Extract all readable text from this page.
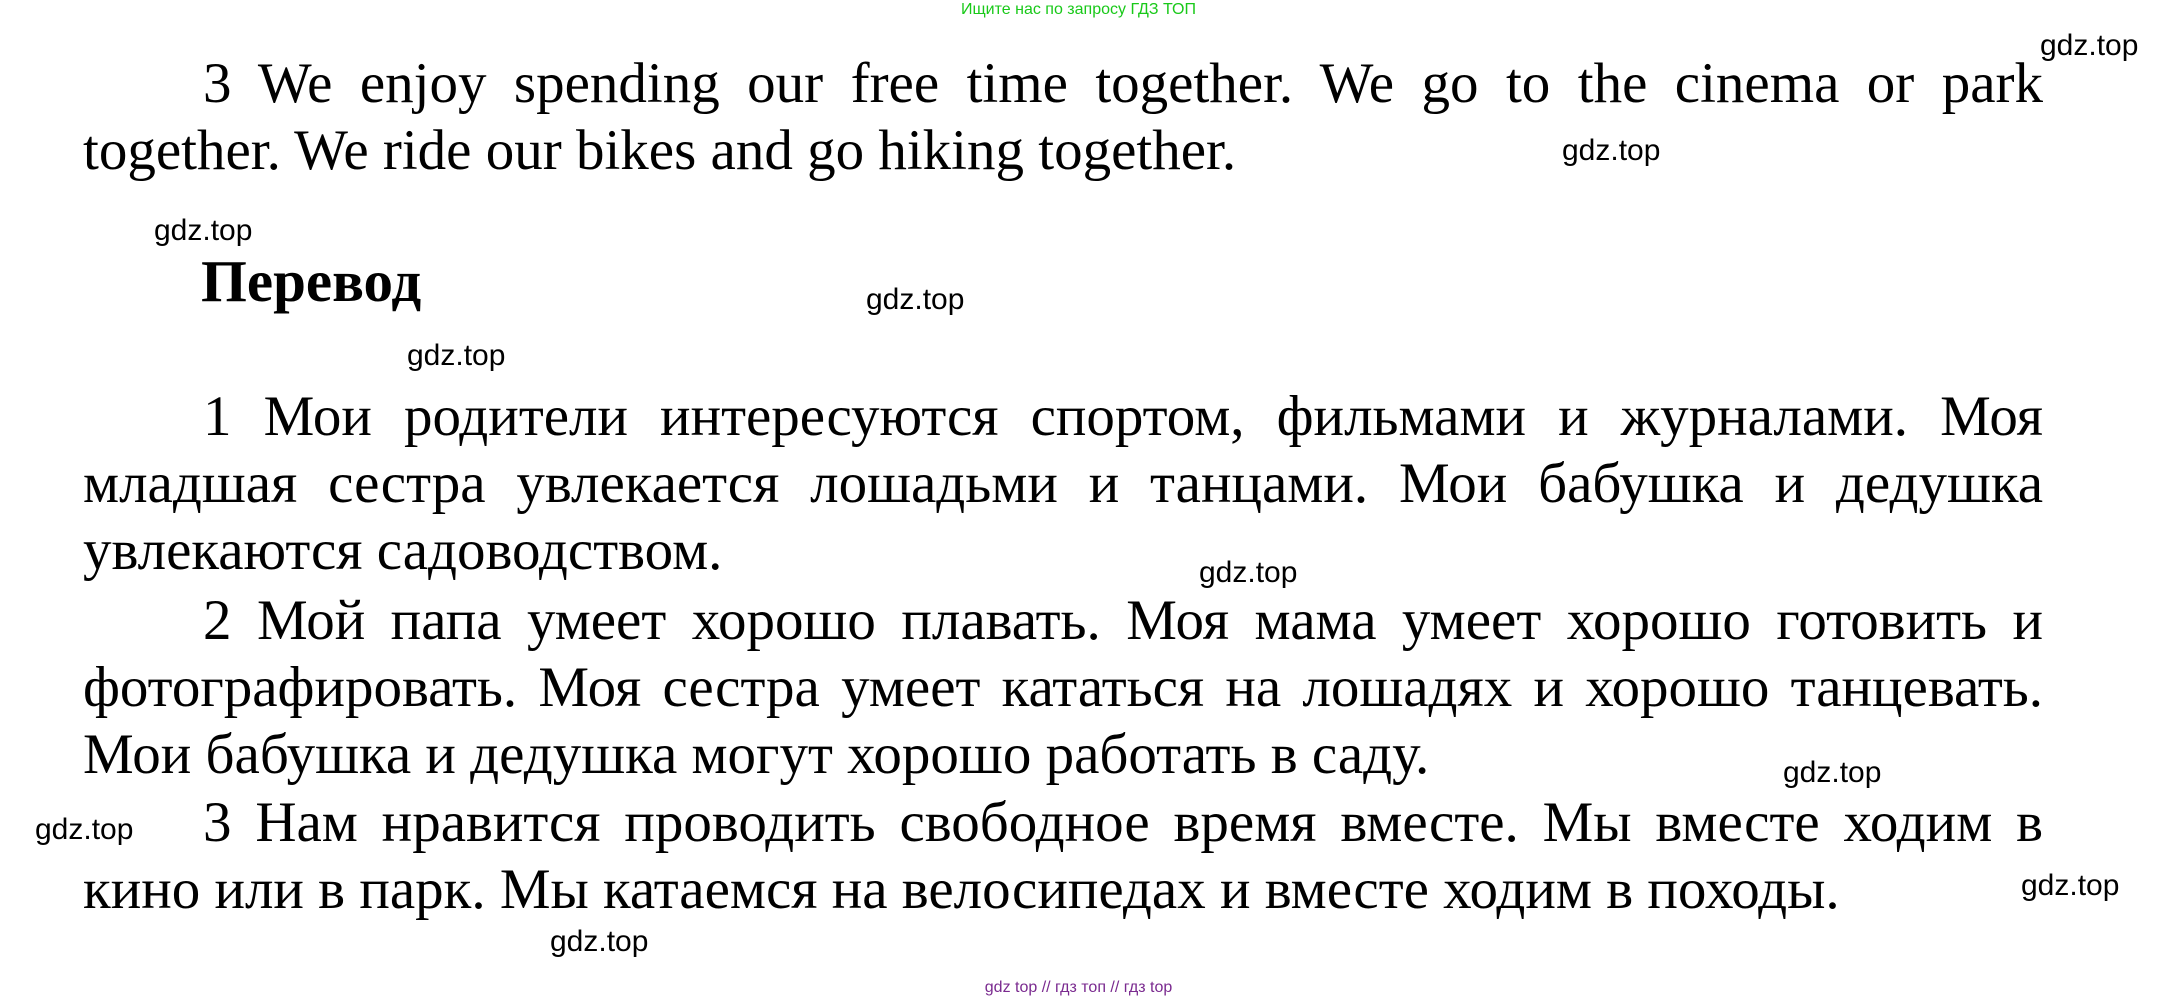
Ищите нас по запросу ГДЗ ТОП

3 We enjoy spending our free time together. We go to the cinema or park together. We ride our bikes and go hiking together.

Перевод

1 Мои родители интересуются спортом, фильмами и журналами. Моя младшая сестра увлекается лошадьми и танцами. Мои бабушка и дедушка увлекаются садоводством.

2 Мой папа умеет хорошо плавать. Моя мама умеет хорошо готовить и фотографировать. Моя сестра умеет кататься на лошадях и хорошо танцевать. Мои бабушка и дедушка могут хорошо работать в саду.

3 Нам нравится проводить свободное время вместе. Мы вместе ходим в кино или в парк. Мы катаемся на велосипедах и вместе ходим в походы.

gdz.top
gdz.top
gdz.top
gdz.top
gdz.top
gdz.top
gdz.top
gdz.top
gdz.top
gdz.top
gdz top // гдз топ // гдз top
